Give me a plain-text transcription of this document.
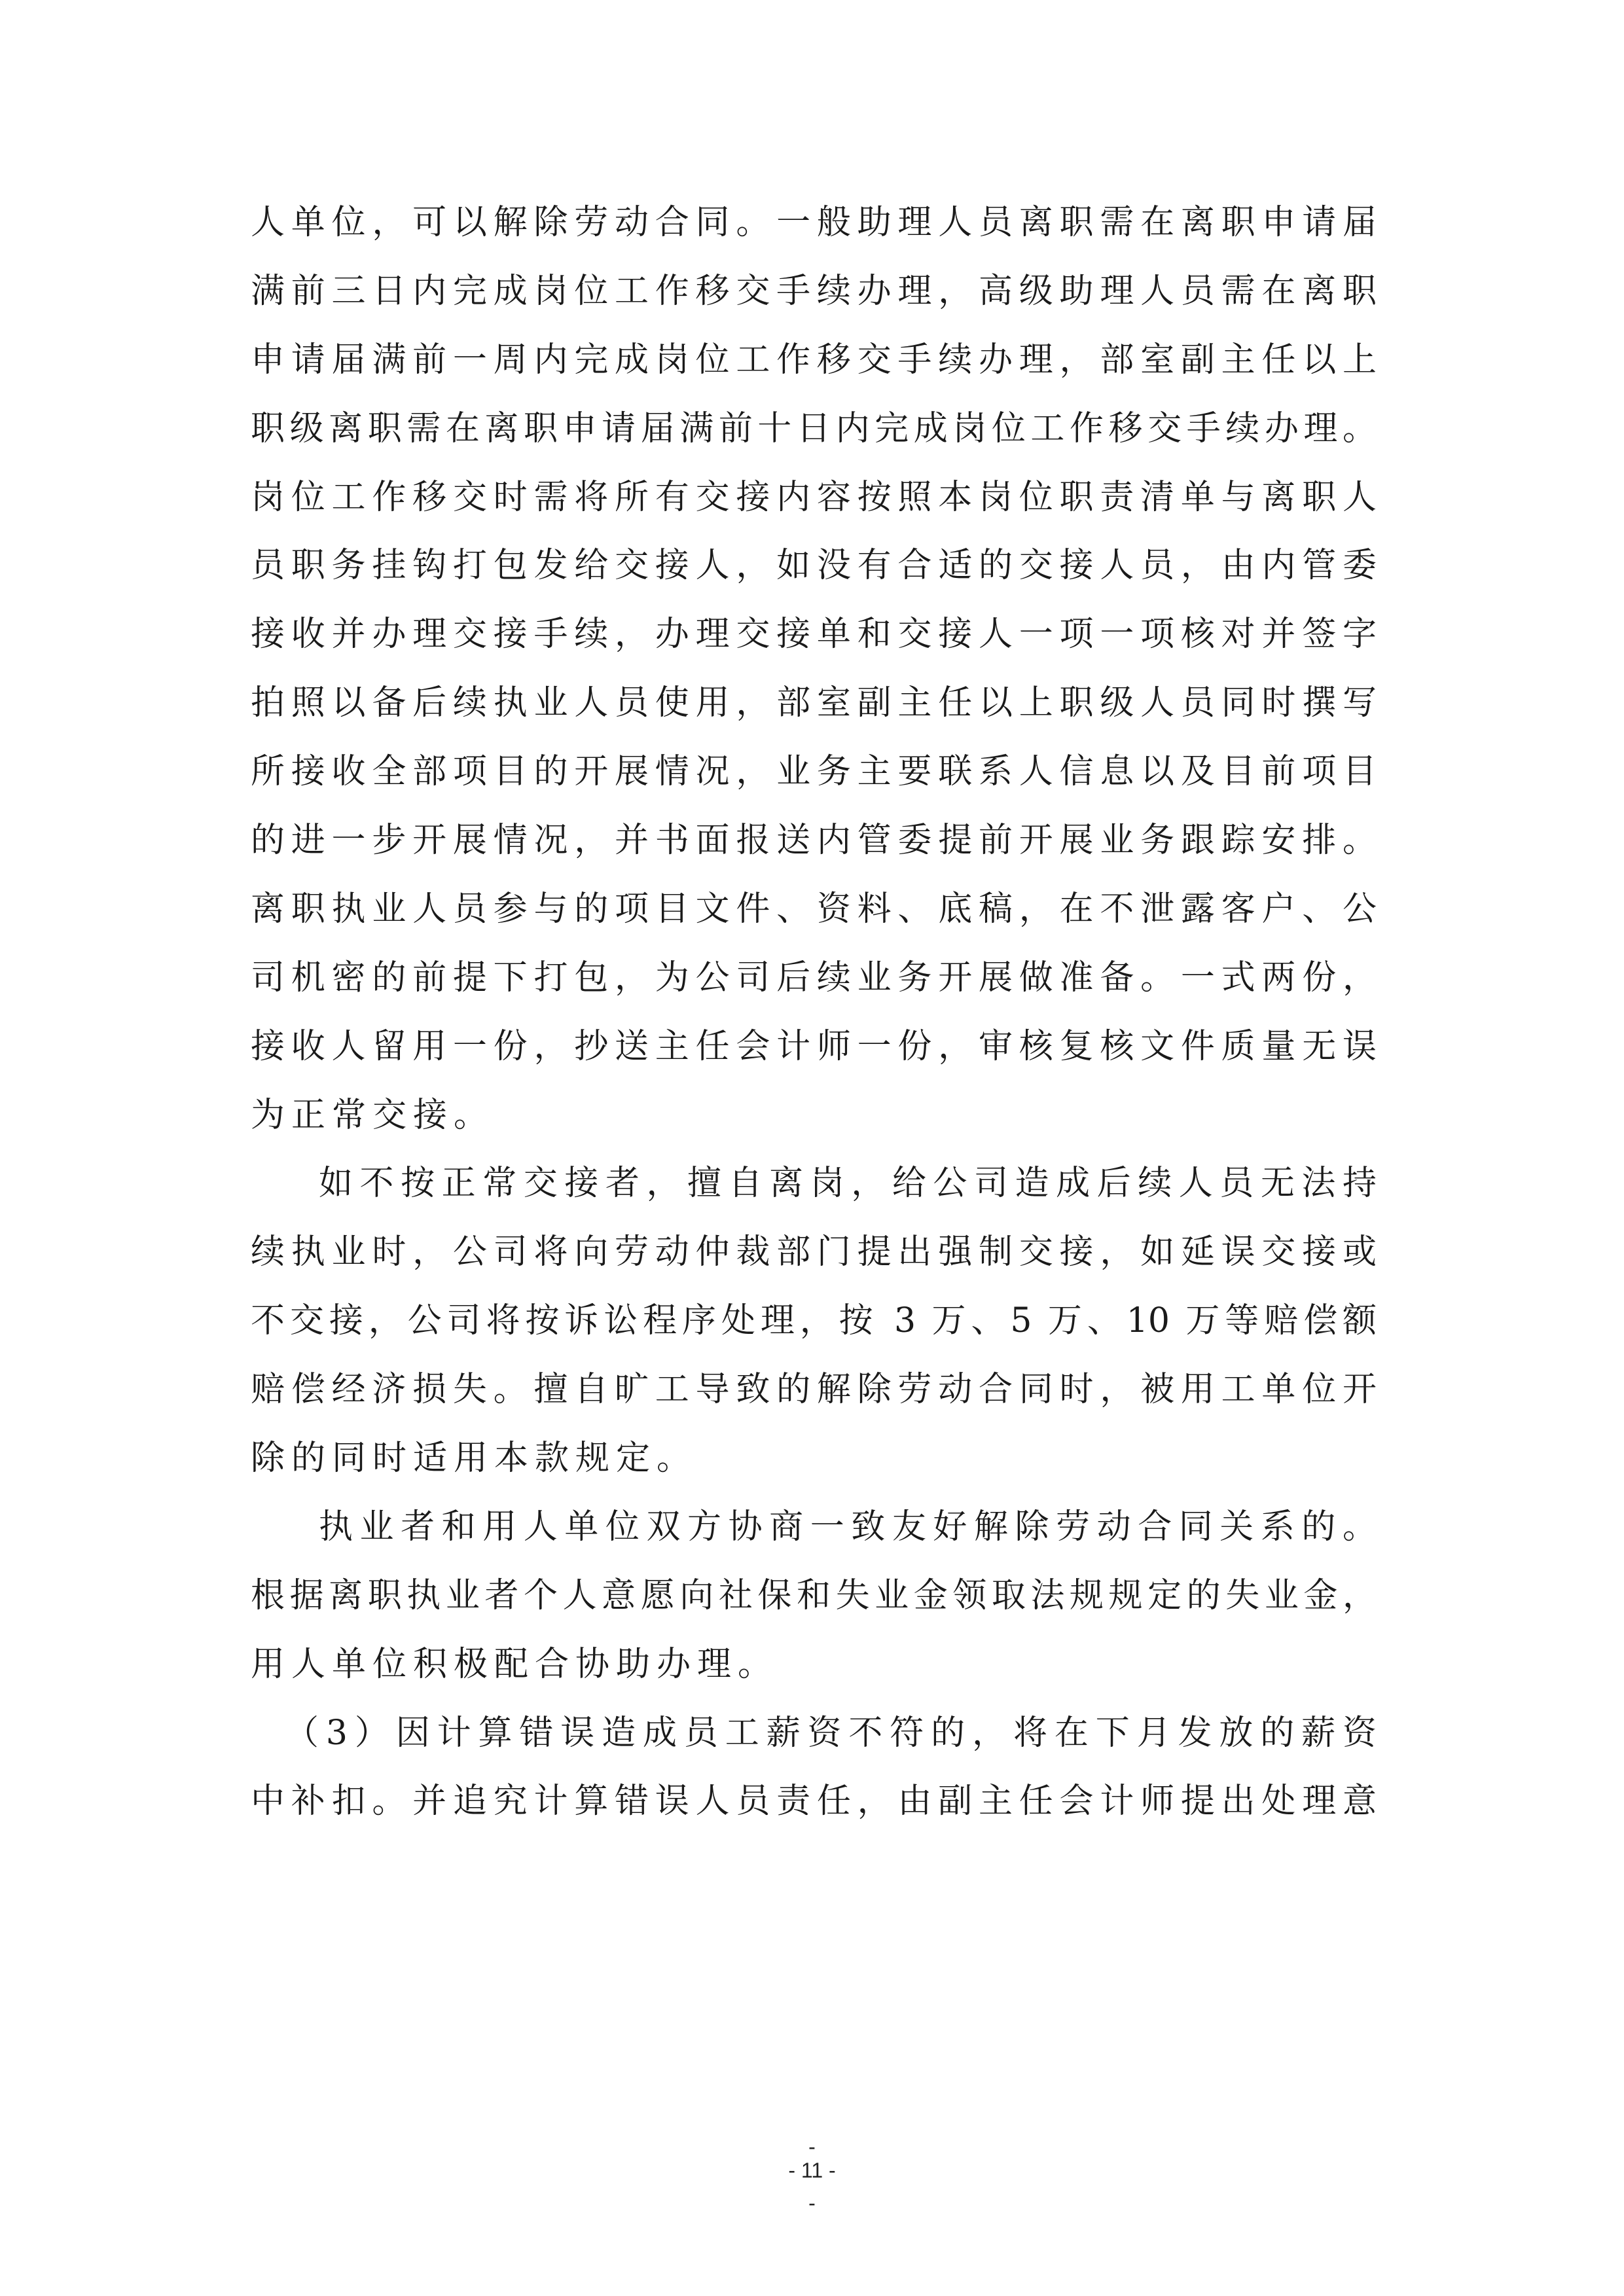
人单位，可以解除劳动合同。一般助理人员离职需在离职申请届
满前三日内完成岗位工作移交手续办理，高级助理人员需在离职
申请届满前一周内完成岗位工作移交手续办理，部室副主任以上
职级离职需在离职申请届满前十日内完成岗位工作移交手续办理。
岗位工作移交时需将所有交接内容按照本岗位职责清单与离职人
员职务挂钩打包发给交接人，如没有合适的交接人员，由内管委
接收并办理交接手续，办理交接单和交接人一项一项核对并签字
拍照以备后续执业人员使用，部室副主任以上职级人员同时撰写
所接收全部项目的开展情况，业务主要联系人信息以及目前项目
的进一步开展情况，并书面报送内管委提前开展业务跟踪安排。
离职执业人员参与的项目文件、资料、底稿，在不泄露客户、公
司机密的前提下打包，为公司后续业务开展做准备。一式两份，
接收人留用一份，抄送主任会计师一份，审核复核文件质量无误
为正常交接。
如不按正常交接者，擅自离岗，给公司造成后续人员无法持
续执业时，公司将向劳动仲裁部门提出强制交接，如延误交接或
不交接，公司将按诉讼程序处理，按 3 万、5 万、10 万等赔偿额
赔偿经济损失。擅自旷工导致的解除劳动合同时，被用工单位开
除的同时适用本款规定。
执业者和用人单位双方协商一致友好解除劳动合同关系的。
根据离职执业者个人意愿向社保和失业金领取法规规定的失业金，
用人单位积极配合协助办理。
（3）因计算错误造成员工薪资不符的，将在下月发放的薪资
中补扣。并追究计算错误人员责任，由副主任会计师提出处理意
-
- 11 -
-
